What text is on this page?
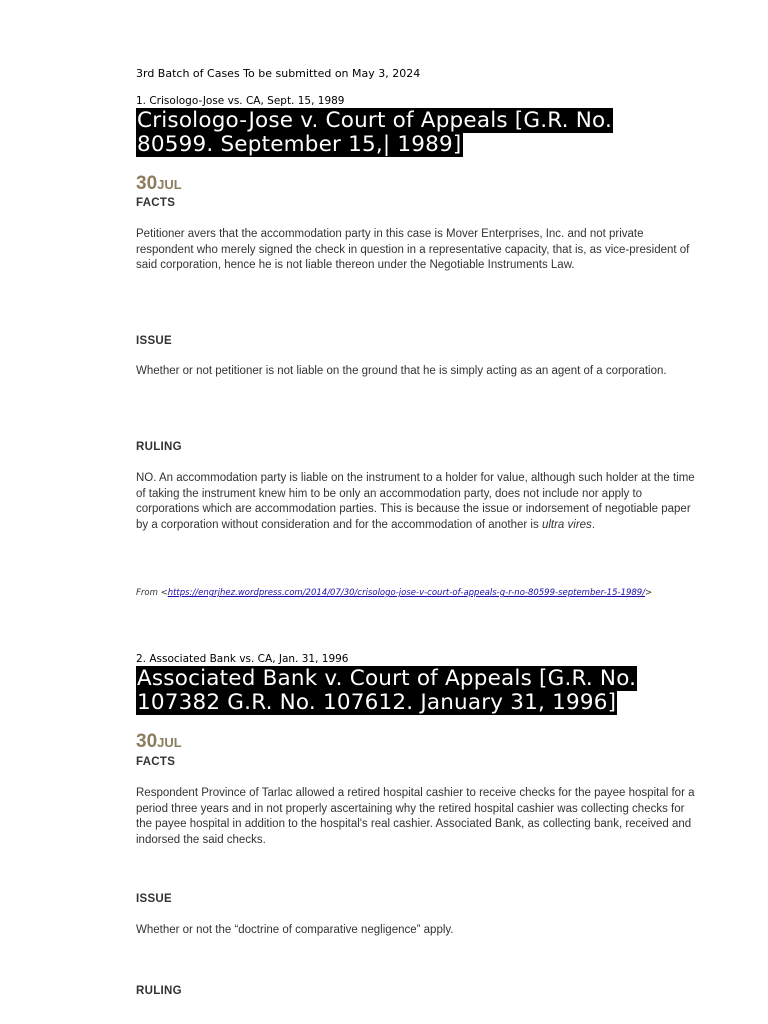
3rd Batch of Cases To be submitted on May 3, 2024
1. Crisologo-Jose vs. CA, Sept. 15, 1989
Crisologo-Jose v. Court of Appeals [G.R. No. 80599. September 15,| 1989]
30JUL
FACTS
Petitioner avers that the accommodation party in this case is Mover Enterprises, Inc. and not private respondent who merely signed the check in question in a representative capacity, that is, as vice-president of said corporation, hence he is not liable thereon under the Negotiable Instruments Law.
ISSUE
Whether or not petitioner is not liable on the ground that he is simply acting as an agent of a corporation.
RULING
NO. An accommodation party is liable on the instrument to a holder for value, although such holder at the time of taking the instrument knew him to be only an accommodation party, does not include nor apply to corporations which are accommodation parties. This is because the issue or indorsement of negotiable paper by a corporation without consideration and for the accommodation of another is ultra vires.
From <https://engrjhez.wordpress.com/2014/07/30/crisologo-jose-v-court-of-appeals-g-r-no-80599-september-15-1989/>
2. Associated Bank vs. CA, Jan. 31, 1996
Associated Bank v. Court of Appeals [G.R. No. 107382 G.R. No. 107612. January 31, 1996]
30JUL
FACTS
Respondent Province of Tarlac allowed a retired hospital cashier to receive checks for the payee hospital for a period three years and in not properly ascertaining why the retired hospital cashier was collecting checks for the payee hospital in addition to the hospital's real cashier. Associated Bank, as collecting bank, received and indorsed the said checks.
ISSUE
Whether or not the “doctrine of comparative negligence” apply.
RULING
